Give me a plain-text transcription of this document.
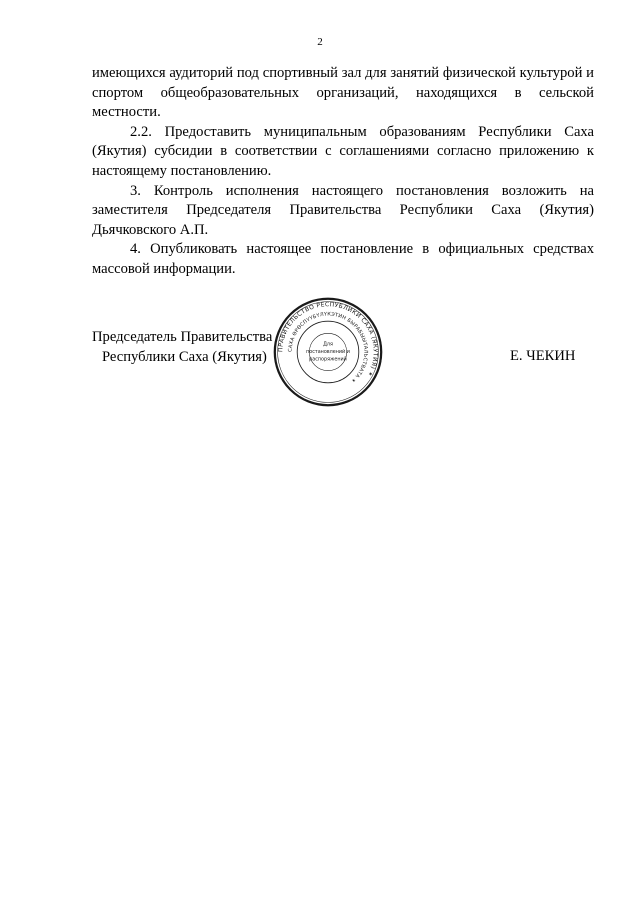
2

имеющихся аудиторий под спортивный зал для занятий физической культурой и спортом общеобразовательных организаций, находящихся в сельской местности.

2.2. Предоставить муниципальным образованиям Республики Саха (Якутия) субсидии в соответствии с соглашениями согласно приложению к настоящему постановлению.

3. Контроль исполнения настоящего постановления возложить на заместителя Председателя Правительства Республики Саха (Якутия) Дьячковского А.П.

4. Опубликовать настоящее постановление в официальных средствах массовой информации.

Председатель Правительства
Республики Саха (Якутия)	ПРАВИТЕЛЬСТВО РЕСПУБЛИКИ САХА (ЯКУТИЯ) ✶
САХА ӨРӨСПҮҮБҮЛҮКЭТИН БЫРАБЫЫТАЛЬСТВАТА ✶
Для
постановлений и
распоряжений	Е. ЧЕКИН
